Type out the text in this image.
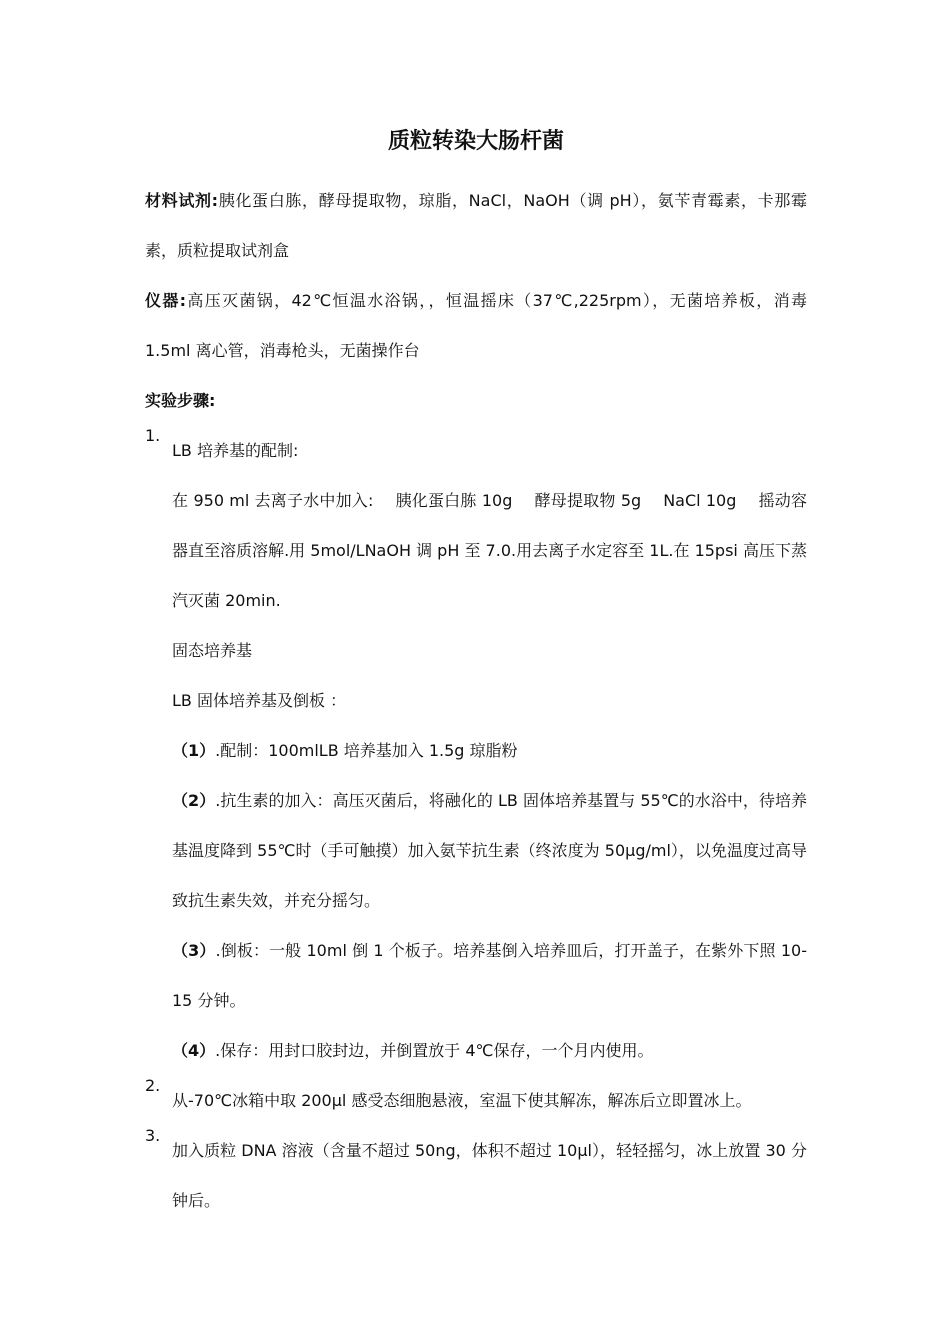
质粒转染大肠杆菌

材料试剂:胰化蛋白胨，酵母提取物，琼脂，NaCl，NaOH（调 pH），氨苄青霉素，卡那霉素，质粒提取试剂盒

仪器:高压灭菌锅，42℃恒温水浴锅，，恒温摇床（37℃,225rpm），无菌培养板，消毒 1.5ml 离心管，消毒枪头，无菌操作台

实验步骤:

1.

LB 培养基的配制:

在 950 ml 去离子水中加入: 胰化蛋白胨 10g 酵母提取物 5g NaCl 10g 摇动容器直至溶质溶解.用 5mol/LNaOH 调 pH 至 7.0.用去离子水定容至 1L.在 15psi 高压下蒸汽灭菌 20min.

固态培养基

LB 固体培养基及倒板 ：

（1）.配制：100mlLB 培养基加入 1.5g 琼脂粉

（2）.抗生素的加入：高压灭菌后，将融化的 LB 固体培养基置与 55℃的水浴中，待培养基温度降到 55℃时（手可触摸）加入氨苄抗生素（终浓度为 50μg/ml），以免温度过高导致抗生素失效，并充分摇匀。

（3）.倒板：一般 10ml 倒 1 个板子。培养基倒入培养皿后，打开盖子，在紫外下照 10-15 分钟。

（4）.保存：用封口胶封边，并倒置放于 4℃保存，一个月内使用。

2.

从-70℃冰箱中取 200μl 感受态细胞悬液，室温下使其解冻，解冻后立即置冰上。

3.

加入质粒 DNA 溶液（含量不超过 50ng，体积不超过 10μl），轻轻摇匀，冰上放置 30 分钟后。
